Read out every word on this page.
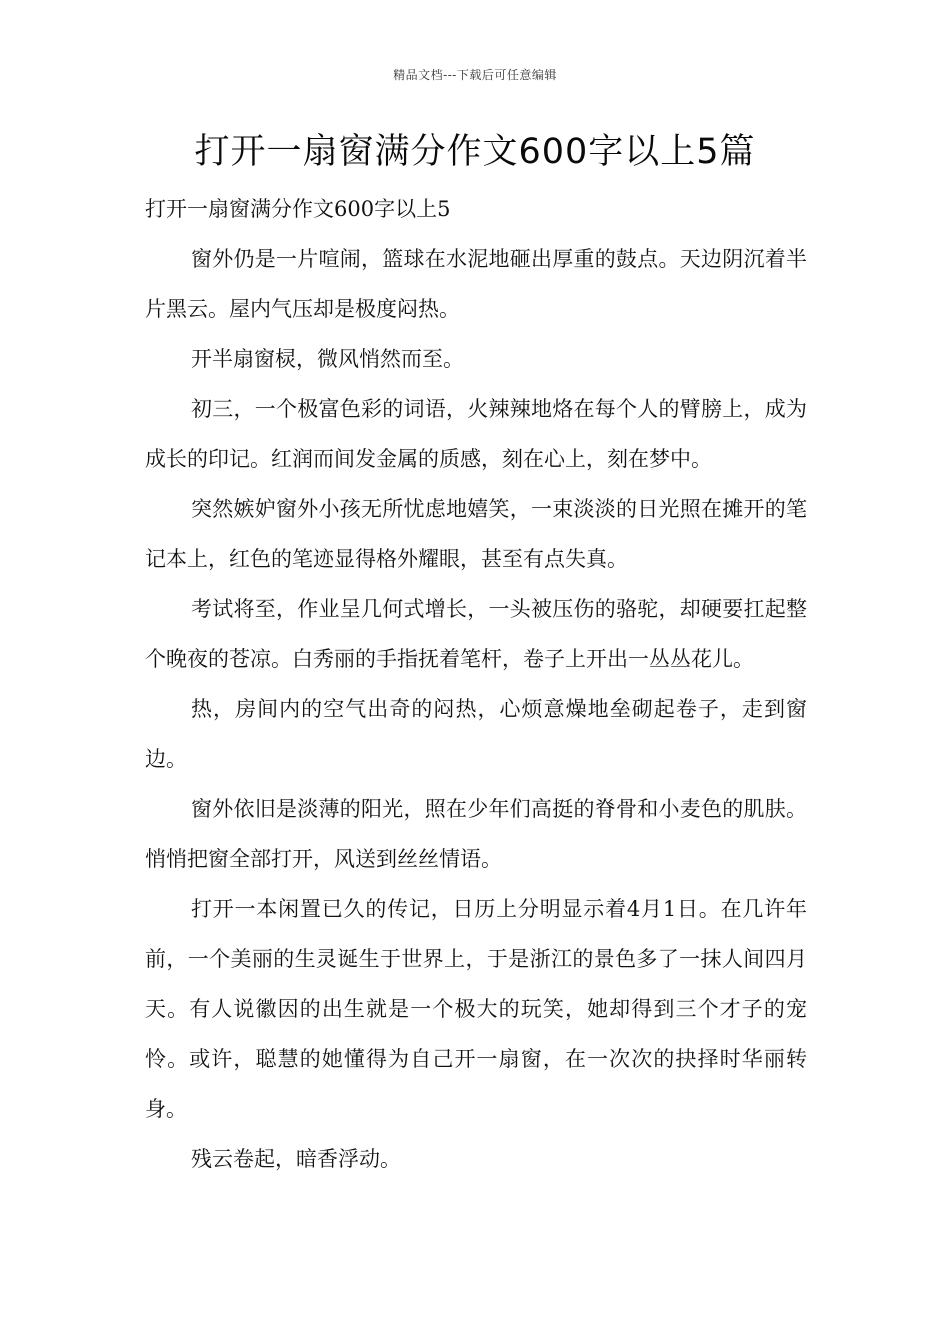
精品文档---下载后可任意编辑
打开一扇窗满分作文600字以上5篇

打开一扇窗满分作文600字以上5

窗外仍是一片喧闹，篮球在水泥地砸出厚重的鼓点。天边阴沉着半片黑云。屋内气压却是极度闷热。

开半扇窗棂，微风悄然而至。

初三，一个极富色彩的词语，火辣辣地烙在每个人的臂膀上，成为成长的印记。红润而间发金属的质感，刻在心上，刻在梦中。

突然嫉妒窗外小孩无所忧虑地嬉笑，一束淡淡的日光照在摊开的笔记本上，红色的笔迹显得格外耀眼，甚至有点失真。

考试将至，作业呈几何式增长，一头被压伤的骆驼，却硬要扛起整个晚夜的苍凉。白秀丽的手指抚着笔杆，卷子上开出一丛丛花儿。

热，房间内的空气出奇的闷热，心烦意燥地垒砌起卷子，走到窗边。

窗外依旧是淡薄的阳光，照在少年们高挺的脊骨和小麦色的肌肤。悄悄把窗全部打开，风送到丝丝情语。

打开一本闲置已久的传记，日历上分明显示着4月1日。在几许年前，一个美丽的生灵诞生于世界上，于是浙江的景色多了一抹人间四月天。有人说徽因的出生就是一个极大的玩笑，她却得到三个才子的宠怜。或许，聪慧的她懂得为自己开一扇窗，在一次次的抉择时华丽转身。

残云卷起，暗香浮动。
